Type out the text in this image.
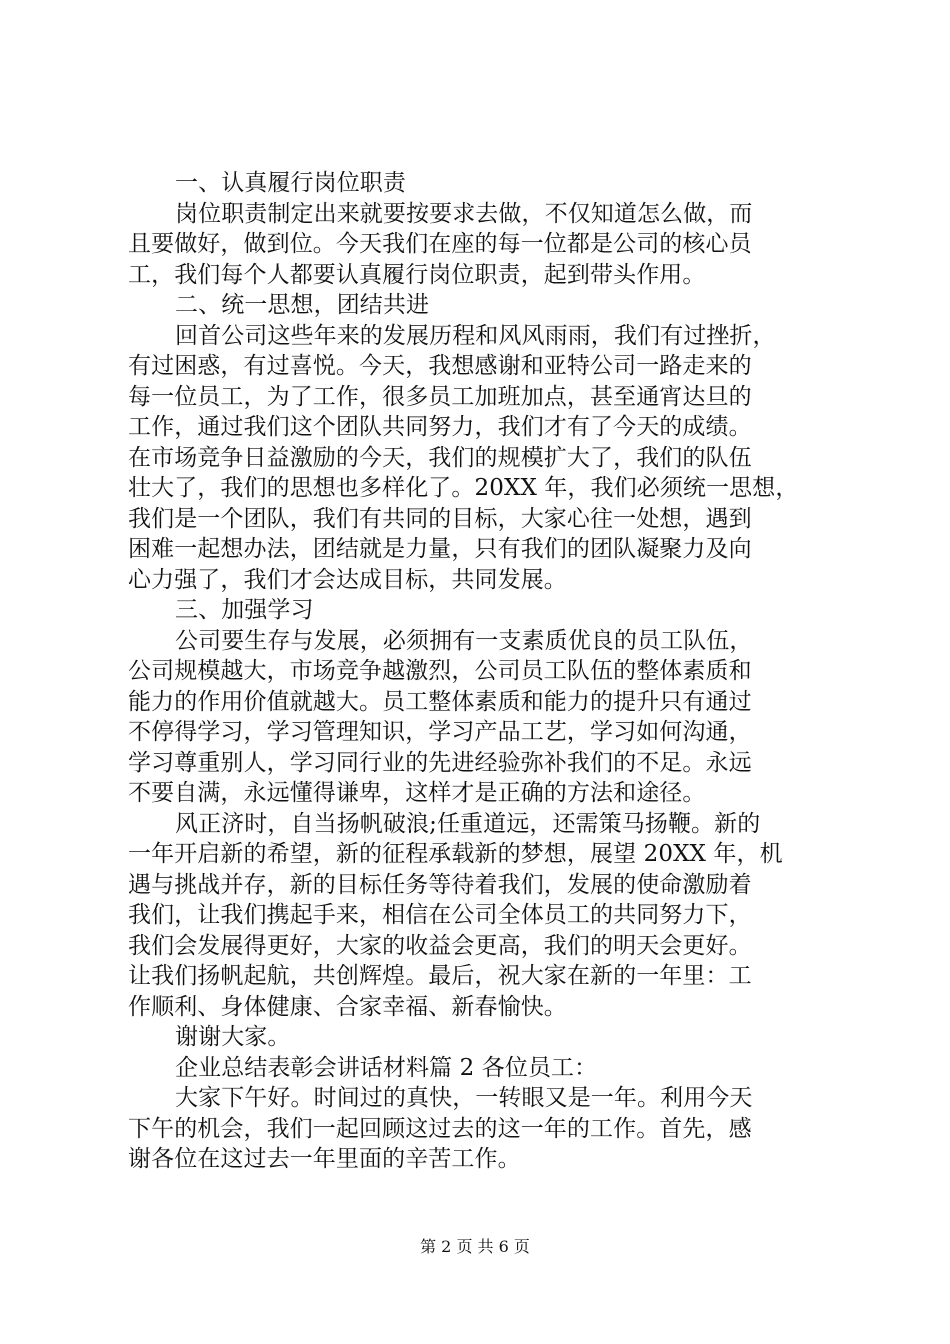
一、认真履行岗位职责
岗位职责制定出来就要按要求去做，不仅知道怎么做，而
且要做好，做到位。今天我们在座的每一位都是公司的核心员
工，我们每个人都要认真履行岗位职责，起到带头作用。
二、统一思想，团结共进
回首公司这些年来的发展历程和风风雨雨，我们有过挫折，
有过困惑，有过喜悦。今天，我想感谢和亚特公司一路走来的
每一位员工，为了工作，很多员工加班加点，甚至通宵达旦的
工作，通过我们这个团队共同努力，我们才有了今天的成绩。
在市场竞争日益激励的今天，我们的规模扩大了，我们的队伍
壮大了，我们的思想也多样化了。20XX 年，我们必须统一思想，
我们是一个团队，我们有共同的目标，大家心往一处想，遇到
困难一起想办法，团结就是力量，只有我们的团队凝聚力及向
心力强了，我们才会达成目标，共同发展。
三、加强学习
公司要生存与发展，必须拥有一支素质优良的员工队伍，
公司规模越大，市场竞争越激烈，公司员工队伍的整体素质和
能力的作用价值就越大。员工整体素质和能力的提升只有通过
不停得学习，学习管理知识，学习产品工艺，学习如何沟通，
学习尊重别人，学习同行业的先进经验弥补我们的不足。永远
不要自满，永远懂得谦卑，这样才是正确的方法和途径。
风正济时，自当扬帆破浪;任重道远，还需策马扬鞭。新的
一年开启新的希望，新的征程承载新的梦想，展望 20XX 年，机
遇与挑战并存，新的目标任务等待着我们，发展的使命激励着
我们，让我们携起手来，相信在公司全体员工的共同努力下，
我们会发展得更好，大家的收益会更高，我们的明天会更好。
让我们扬帆起航，共创辉煌。最后，祝大家在新的一年里：工
作顺利、身体健康、合家幸福、新春愉快。
谢谢大家。
企业总结表彰会讲话材料篇 2 各位员工：
大家下午好。时间过的真快，一转眼又是一年。利用今天
下午的机会，我们一起回顾这过去的这一年的工作。首先，感
谢各位在这过去一年里面的辛苦工作。
第 2 页 共 6 页
